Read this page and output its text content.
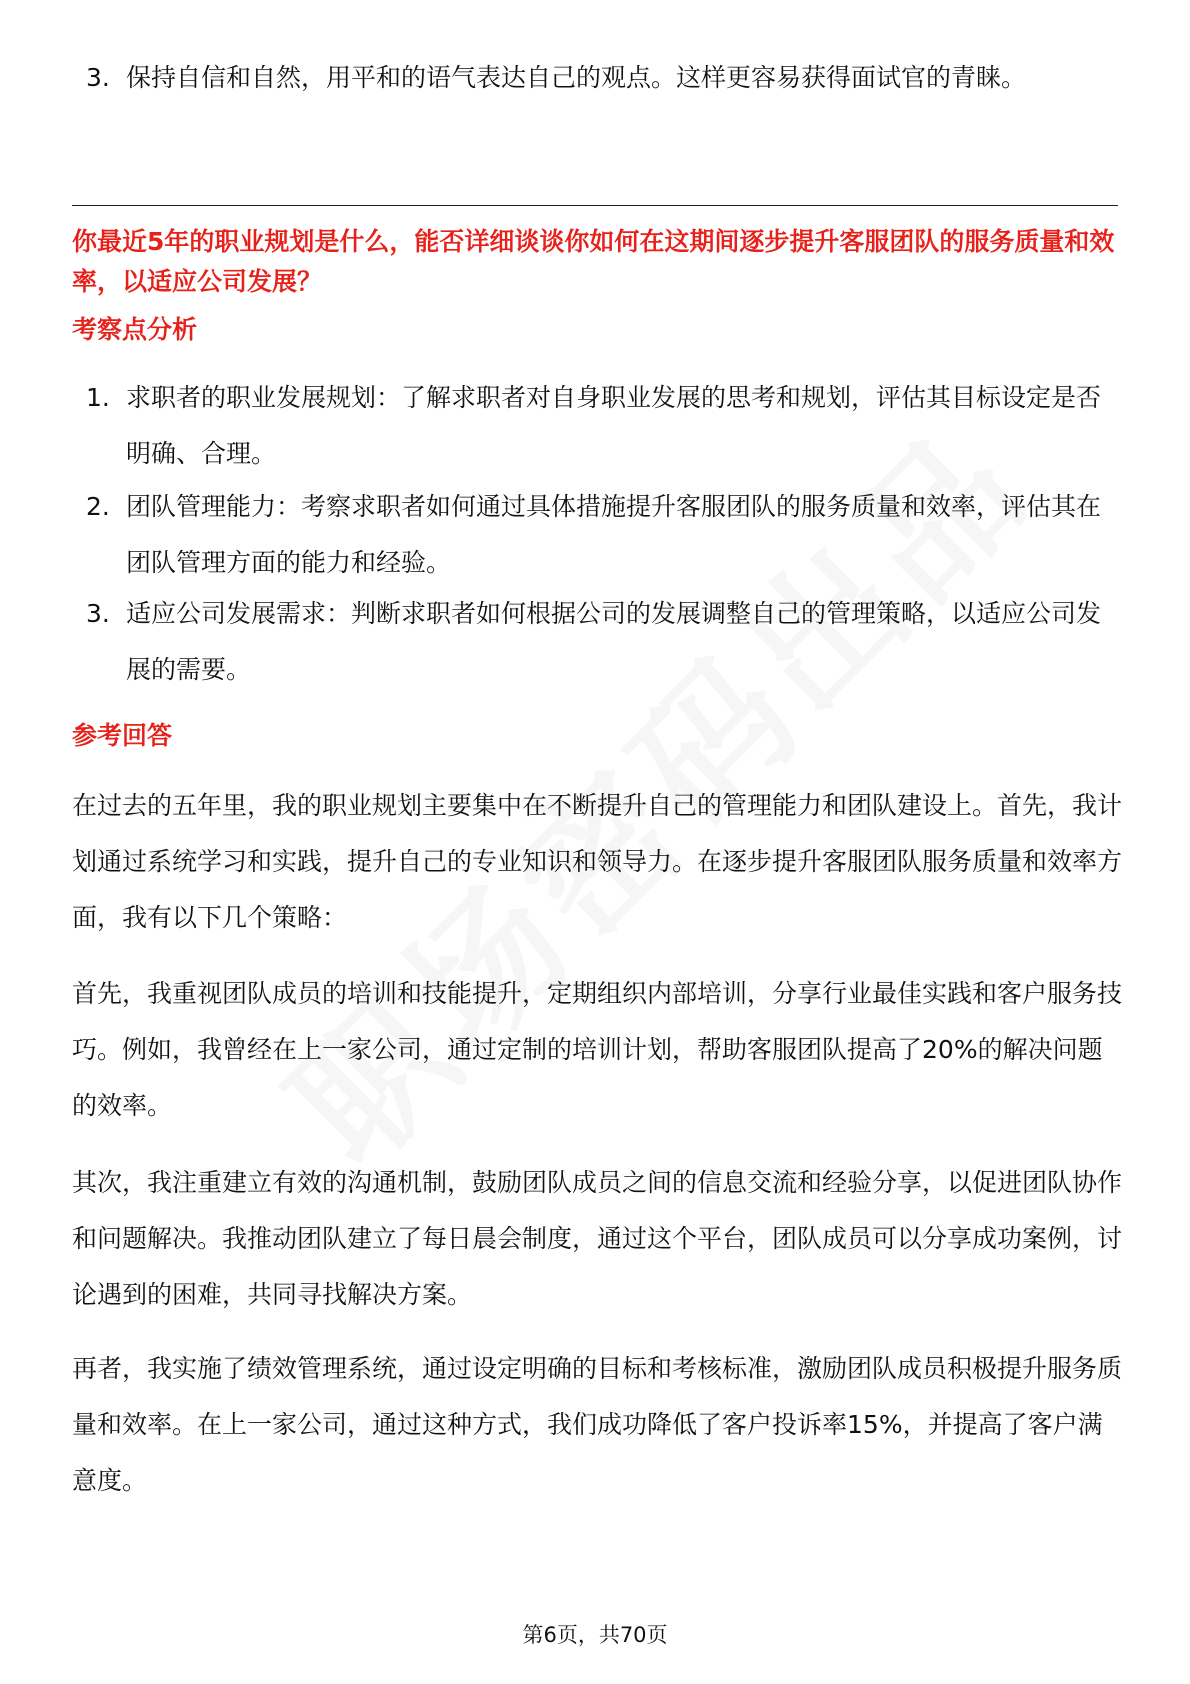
3. 保持自信和自然，用平和的语气表达自己的观点。这样更容易获得面试官的青睐。
你最近5年的职业规划是什么，能否详细谈谈你如何在这期间逐步提升客服团队的服务质量和效率，以适应公司发展？
考察点分析
1. 求职者的职业发展规划：了解求职者对自身职业发展的思考和规划，评估其目标设定是否明确、合理。
2. 团队管理能力：考察求职者如何通过具体措施提升客服团队的服务质量和效率，评估其在团队管理方面的能力和经验。
3. 适应公司发展需求：判断求职者如何根据公司的发展调整自己的管理策略，以适应公司发展的需要。
参考回答
在过去的五年里，我的职业规划主要集中在不断提升自己的管理能力和团队建设上。首先，我计划通过系统学习和实践，提升自己的专业知识和领导力。在逐步提升客服团队服务质量和效率方面，我有以下几个策略：
首先，我重视团队成员的培训和技能提升，定期组织内部培训，分享行业最佳实践和客户服务技巧。例如，我曾经在上一家公司，通过定制的培训计划，帮助客服团队提高了20%的解决问题的效率。
其次，我注重建立有效的沟通机制，鼓励团队成员之间的信息交流和经验分享，以促进团队协作和问题解决。我推动团队建立了每日晨会制度，通过这个平台，团队成员可以分享成功案例，讨论遇到的困难，共同寻找解决方案。
再者，我实施了绩效管理系统，通过设定明确的目标和考核标准，激励团队成员积极提升服务质量和效率。在上一家公司，通过这种方式，我们成功降低了客户投诉率15%，并提高了客户满意度。
第6页，共70页
